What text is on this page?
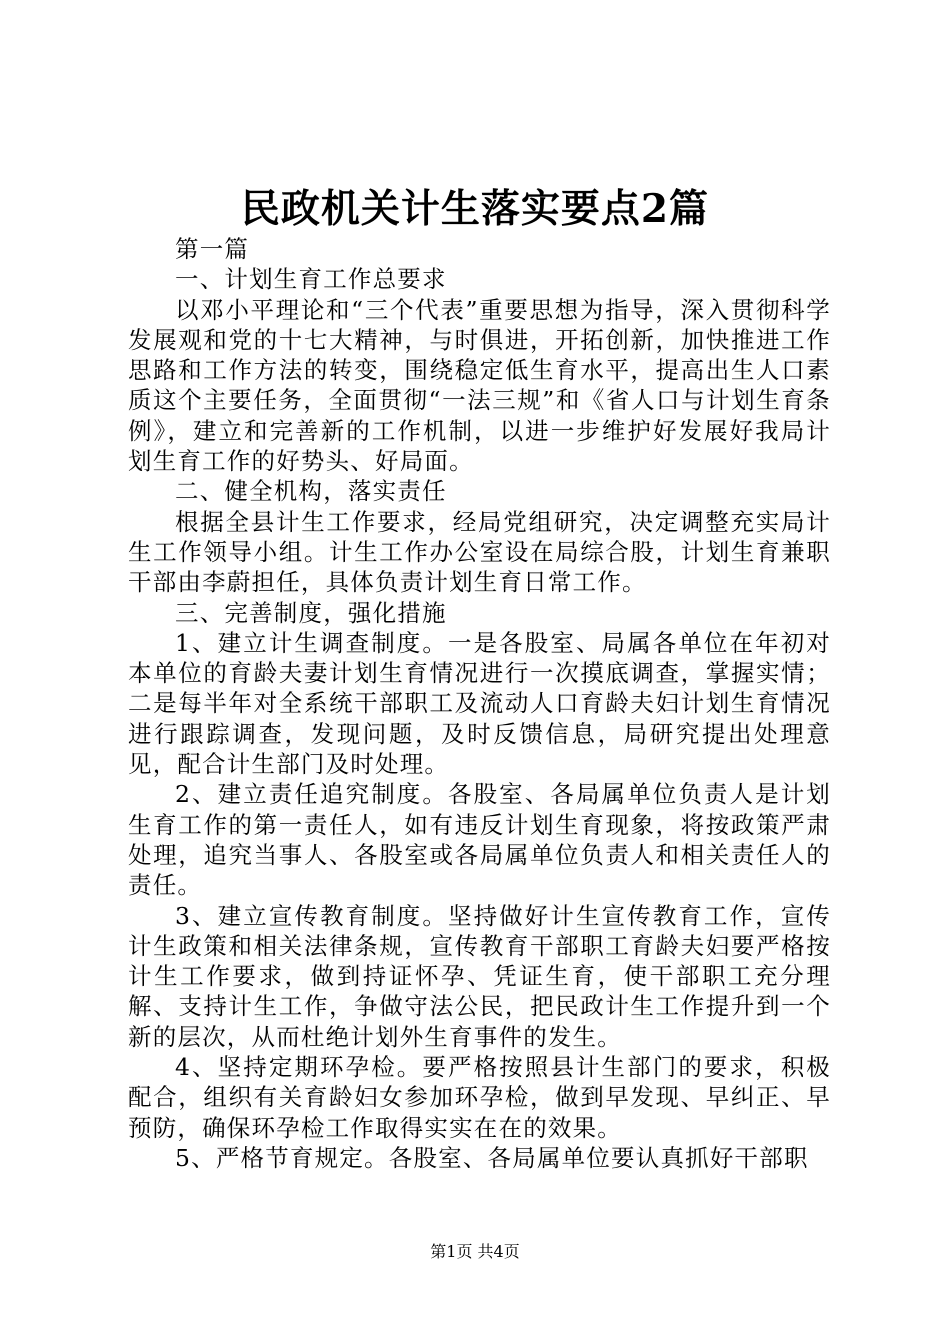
民政机关计生落实要点2篇

第一篇

一、计划生育工作总要求

以邓小平理论和“三个代表”重要思想为指导，深入贯彻科学发展观和党的十七大精神，与时俱进，开拓创新，加快推进工作思路和工作方法的转变，围绕稳定低生育水平，提高出生人口素质这个主要任务，全面贯彻“一法三规”和《省人口与计划生育条例》，建立和完善新的工作机制，以进一步维护好发展好我局计划生育工作的好势头、好局面。

二、健全机构，落实责任

根据全县计生工作要求，经局党组研究，决定调整充实局计生工作领导小组。计生工作办公室设在局综合股，计划生育兼职干部由李蔚担任，具体负责计划生育日常工作。

三、完善制度，强化措施

1、建立计生调查制度。一是各股室、局属各单位在年初对本单位的育龄夫妻计划生育情况进行一次摸底调查，掌握实情；二是每半年对全系统干部职工及流动人口育龄夫妇计划生育情况进行跟踪调查，发现问题，及时反馈信息，局研究提出处理意见，配合计生部门及时处理。

2、建立责任追究制度。各股室、各局属单位负责人是计划生育工作的第一责任人，如有违反计划生育现象，将按政策严肃处理，追究当事人、各股室或各局属单位负责人和相关责任人的责任。

3、建立宣传教育制度。坚持做好计生宣传教育工作，宣传计生政策和相关法律条规，宣传教育干部职工育龄夫妇要严格按计生工作要求，做到持证怀孕、凭证生育，使干部职工充分理解、支持计生工作，争做守法公民，把民政计生工作提升到一个新的层次，从而杜绝计划外生育事件的发生。

4、坚持定期环孕检。要严格按照县计生部门的要求，积极配合，组织有关育龄妇女参加环孕检，做到早发现、早纠正、早预防，确保环孕检工作取得实实在在的效果。

5、严格节育规定。各股室、各局属单位要认真抓好干部职

第1页 共4页
